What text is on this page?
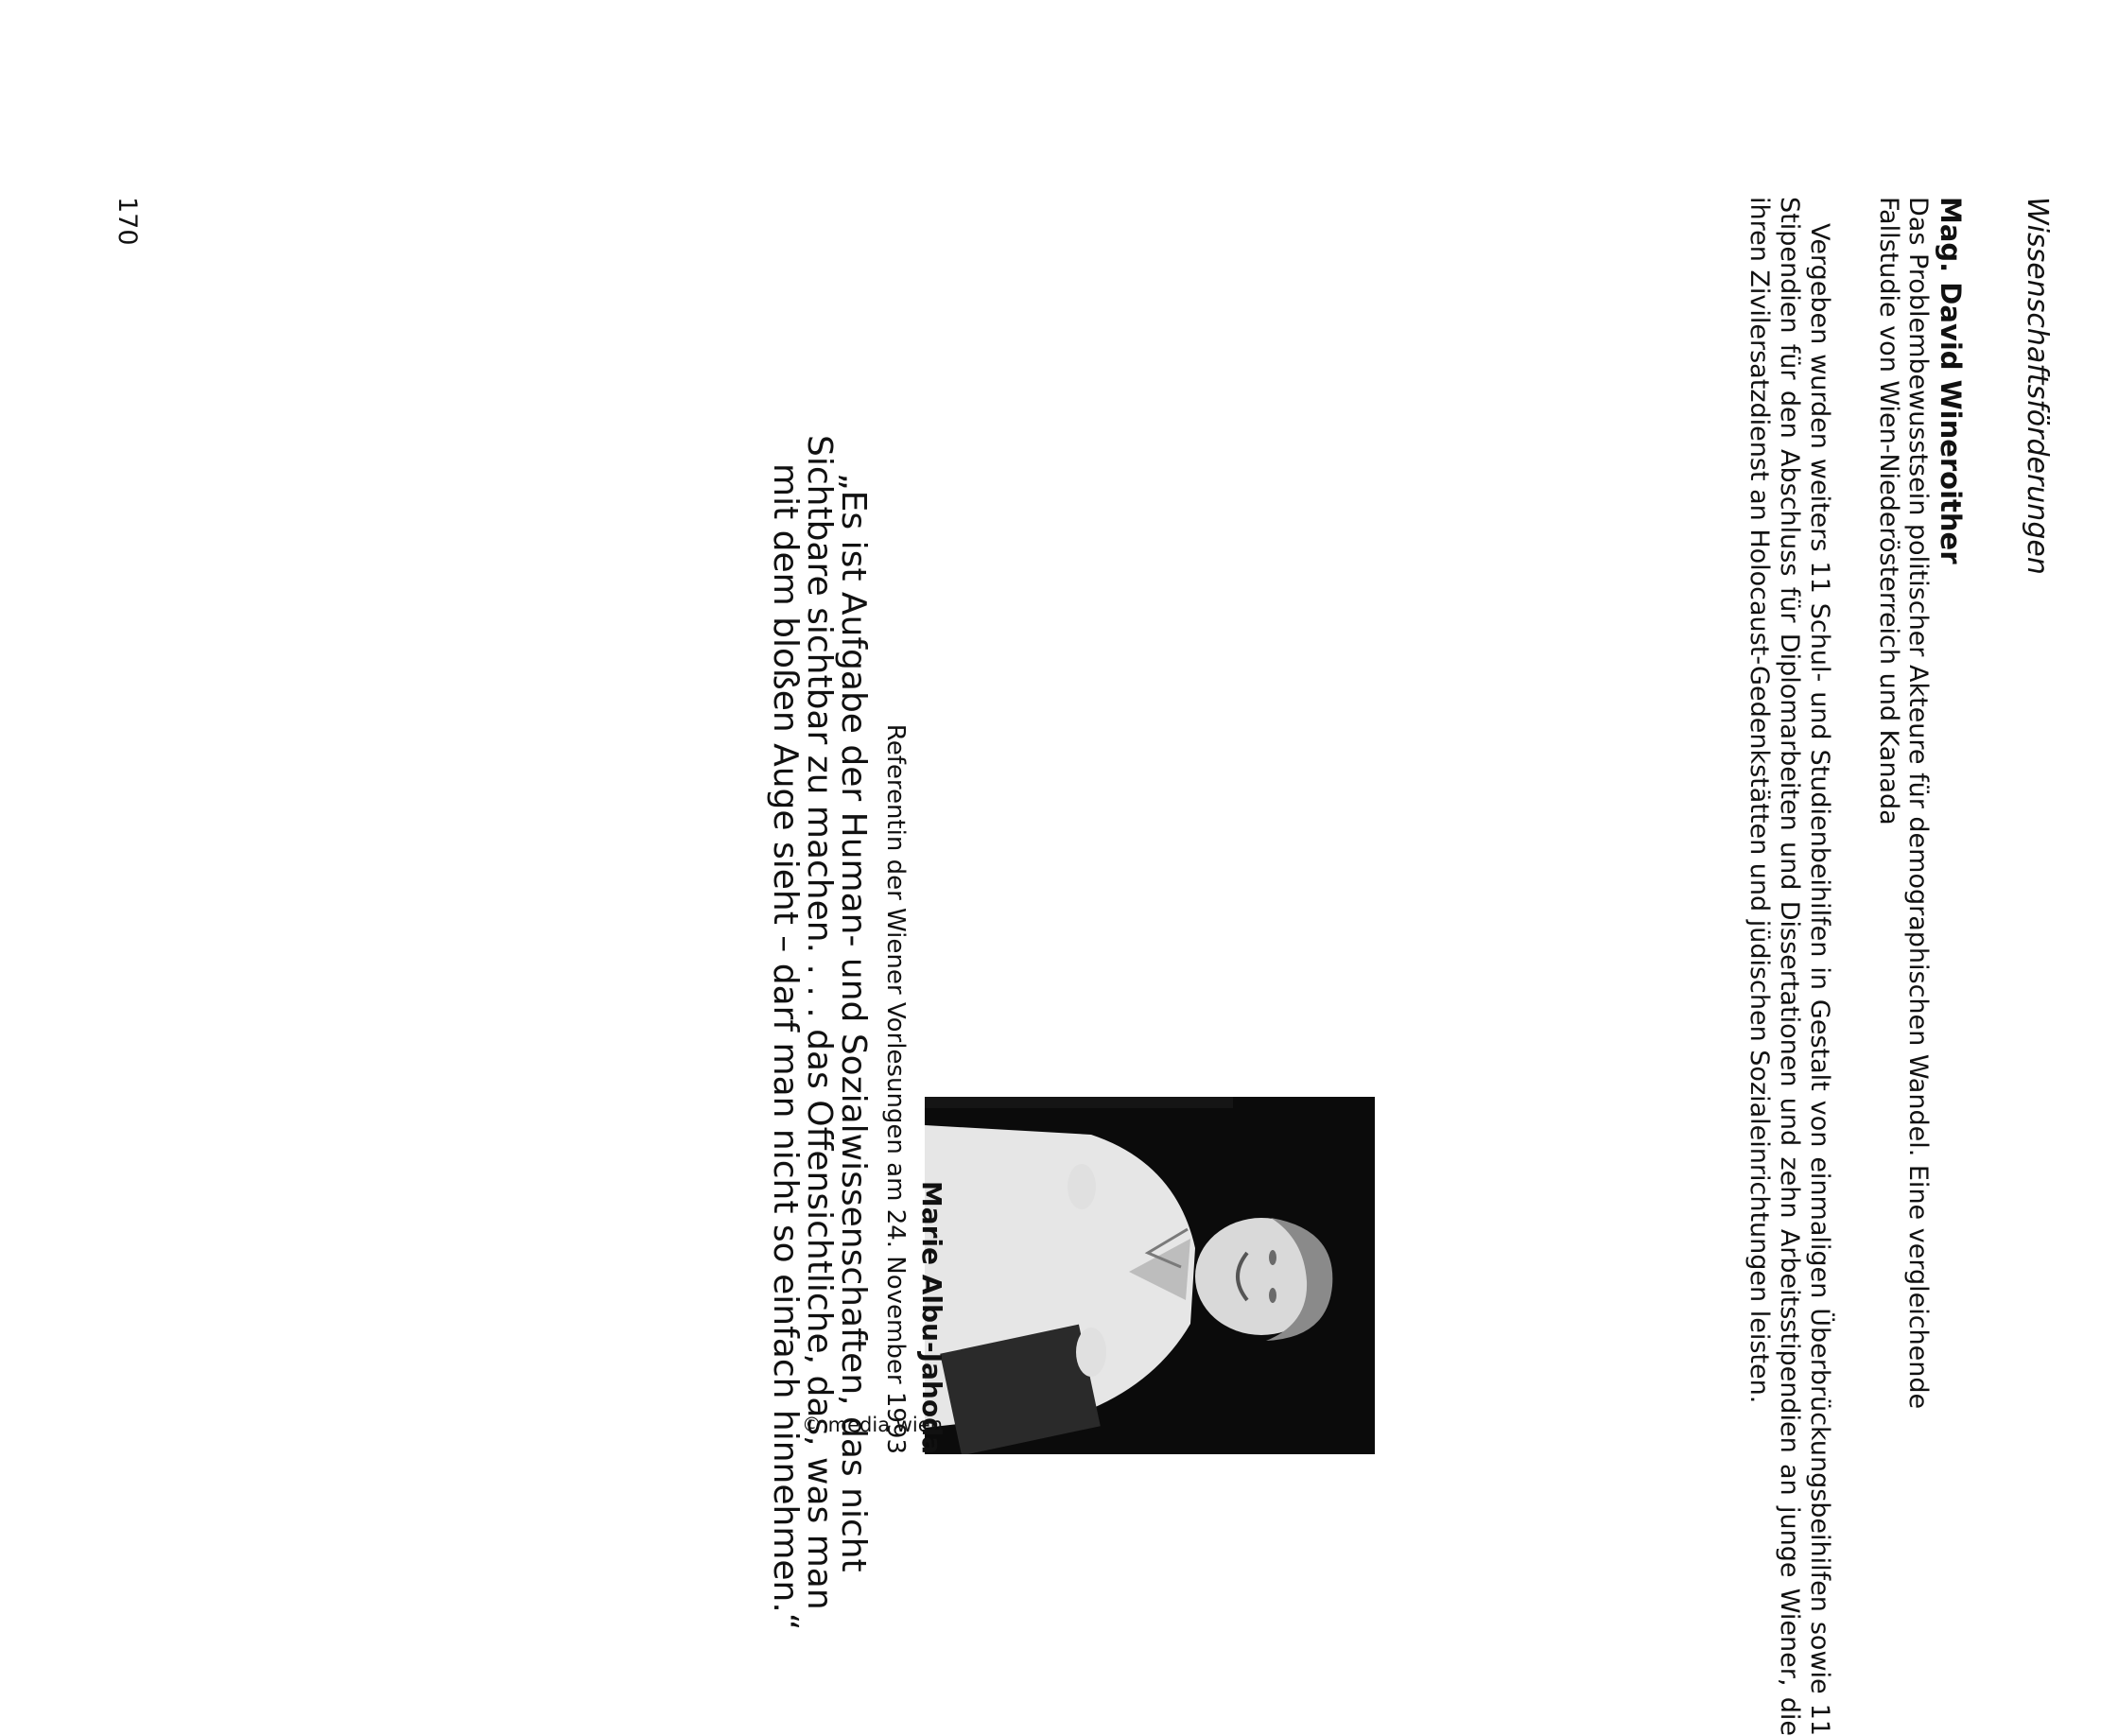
Wissenschaftsförderungen
Mag. David Wineroither
Das Problembewusstsein politischer Akteure für demographischen Wandel. Eine vergleichende Fallstudie von Wien-Niederösterreich und Kanada
Vergeben wurden weiters 11 Schul- und Studienbeihilfen in Gestalt von einmaligen Überbrückungsbeihilfen sowie 11 Stipendien für den Abschluss für Diplomarbeiten und Dissertationen und zehn Arbeitsstipendien an junge Wiener, die ihren Zivilersatzdienst an Holocaust-Gedenkstätten und jüdischen Sozialeinrichtungen leisten.
© media wien
Marie Albu-Jahoda
Referentin der Wiener Vorlesungen am 24. November 1993
„Es ist Aufgabe der Human- und Sozialwissenschaften, das nicht
Sichtbare sichtbar zu machen. . . . das Offensichtliche, das, was man
mit dem bloßen Auge sieht – darf man nicht so einfach hinnehmen.“
170
